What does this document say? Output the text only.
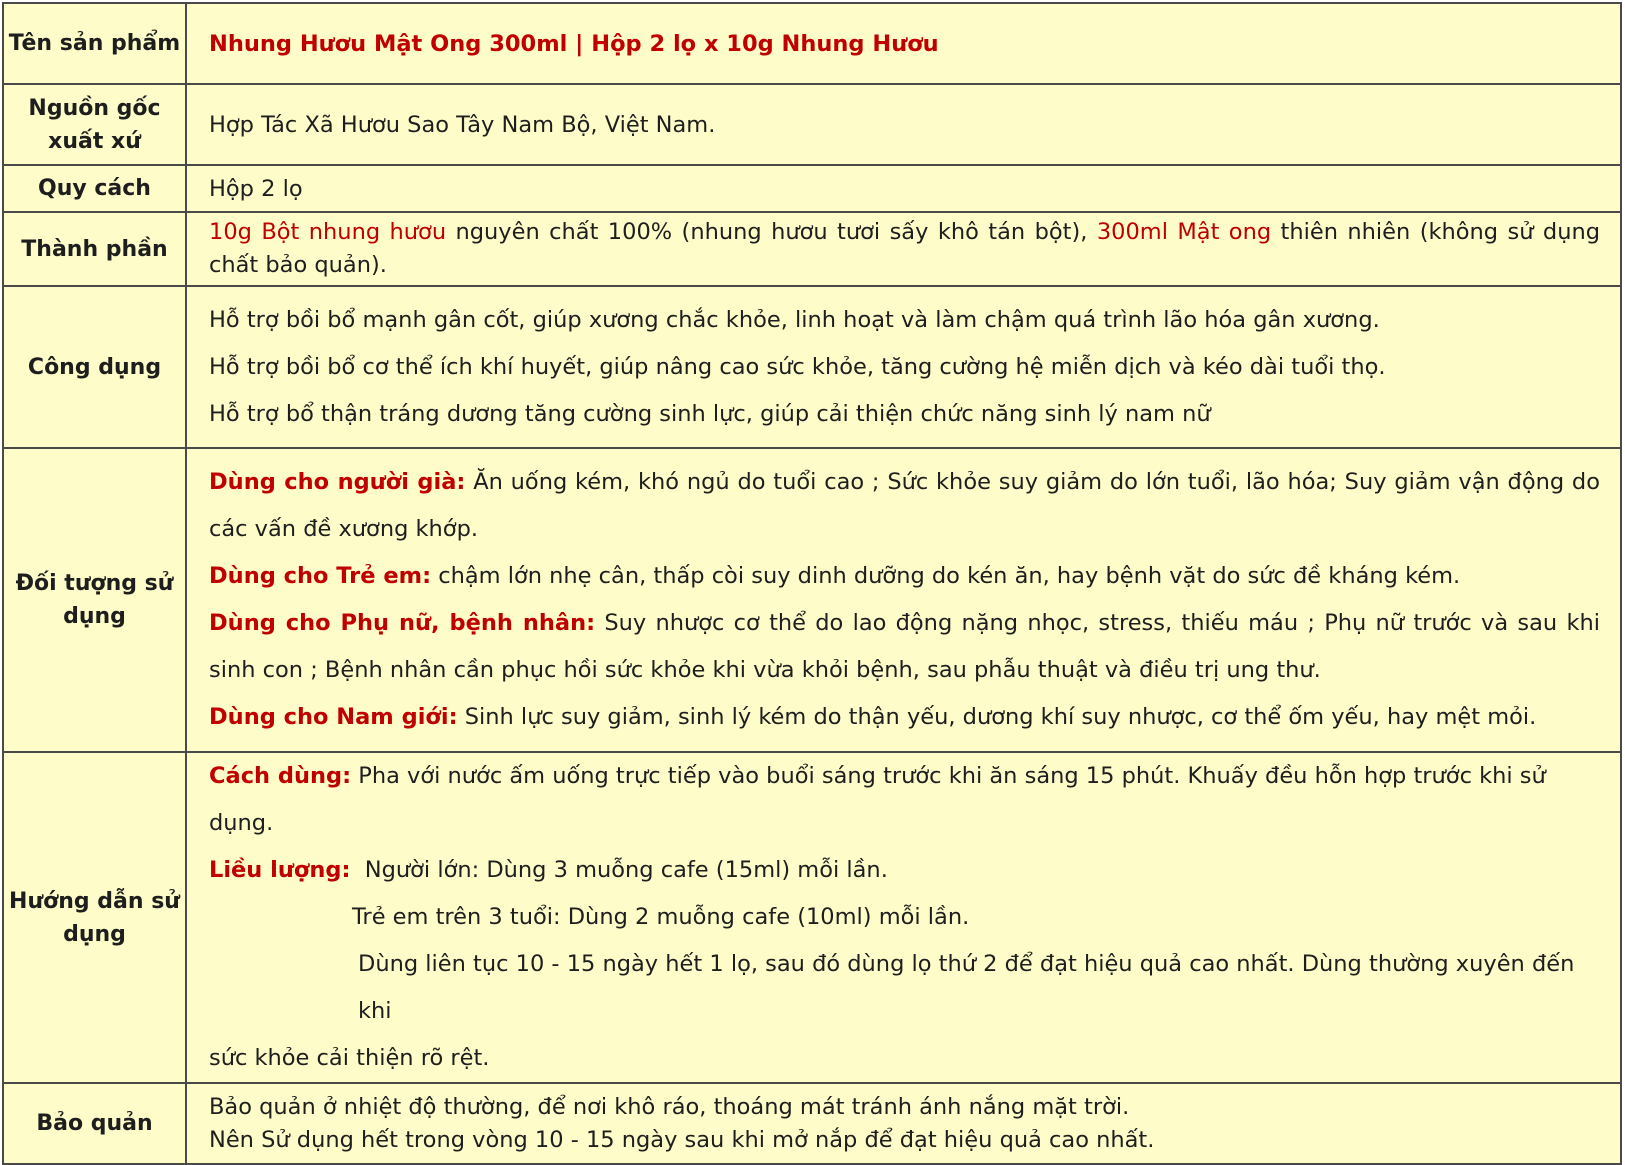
Tên sản phẩm	Nhung Hươu Mật Ong 300ml | Hộp 2 lọ x 10g Nhung Hươu
Nguồn gốc xuất xứ	Hợp Tác Xã Hươu Sao Tây Nam Bộ, Việt Nam.
Quy cách	Hộp 2 lọ
Thành phần	10g Bột nhung hươu nguyên chất 100% (nhung hươu tươi sấy khô tán bột), 300ml Mật ong thiên nhiên (không sử dụng chất bảo quản).

Công dụng	Hỗ trợ bồi bổ mạnh gân cốt, giúp xương chắc khỏe, linh hoạt và làm chậm quá trình lão hóa gân xương.
Hỗ trợ bồi bổ cơ thể ích khí huyết, giúp nâng cao sức khỏe, tăng cường hệ miễn dịch và kéo dài tuổi thọ.
Hỗ trợ bổ thận tráng dương tăng cường sinh lực, giúp cải thiện chức năng sinh lý nam nữ

Đối tượng sử dụng	Dùng cho người già: Ăn uống kém, khó ngủ do tuổi cao ; Sức khỏe suy giảm do lớn tuổi, lão hóa; Suy giảm vận động do các vấn đề xương khớp.
Dùng cho Trẻ em: chậm lớn nhẹ cân, thấp còi suy dinh dưỡng do kén ăn, hay bệnh vặt do sức đề kháng kém.
Dùng cho Phụ nữ, bệnh nhân: Suy nhược cơ thể do lao động nặng nhọc, stress, thiếu máu ; Phụ nữ trước và sau khi sinh con ; Bệnh nhân cần phục hồi sức khỏe khi vừa khỏi bệnh, sau phẫu thuật và điều trị ung thư.
Dùng cho Nam giới: Sinh lực suy giảm, sinh lý kém do thận yếu, dương khí suy nhược, cơ thể ốm yếu, hay mệt mỏi.

Hướng dẫn sử dụng	Cách dùng: Pha với nước ấm uống trực tiếp vào buổi sáng trước khi ăn sáng 15 phút. Khuấy đều hỗn hợp trước khi sử dụng.
Liều lượng:  Người lớn: Dùng 3 muỗng cafe (15ml) mỗi lần.
Trẻ em trên 3 tuổi: Dùng 2 muỗng cafe (10ml) mỗi lần.
Dùng liên tục 10 - 15 ngày hết 1 lọ, sau đó dùng lọ thứ 2 để đạt hiệu quả cao nhất. Dùng thường xuyên đến khi
sức khỏe cải thiện rõ rệt.

Bảo quản	Bảo quản ở nhiệt độ thường, để nơi khô ráo, thoáng mát tránh ánh nắng mặt trời.
Nên Sử dụng hết trong vòng 10 - 15 ngày sau khi mở nắp để đạt hiệu quả cao nhất.
